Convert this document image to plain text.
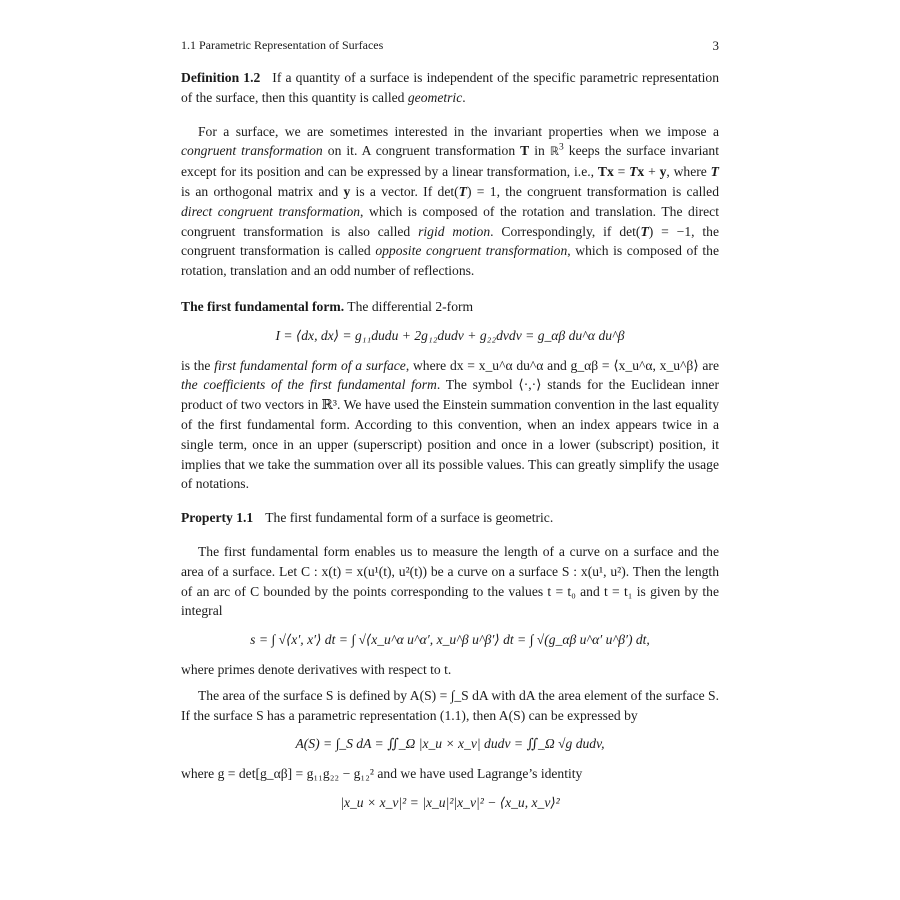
1.1 Parametric Representation of Surfaces	3

Definition 1.2 If a quantity of a surface is independent of the specific parametric representation of the surface, then this quantity is called geometric.

For a surface, we are sometimes interested in the invariant properties when we impose a congruent transformation on it. A congruent transformation T in ℝ$^3$ keeps the surface invariant except for its position and can be expressed by a linear transformation, i.e., Tx = Tx + y, where T is an orthogonal matrix and y is a vector. If det(T) = 1, the congruent transformation is called direct congruent transformation, which is composed of the rotation and translation. The direct congruent transformation is also called rigid motion. Correspondingly, if det(T) = −1, the congruent transformation is called opposite congruent transformation, which is composed of the rotation, translation and an odd number of reflections.

The first fundamental form. The differential 2-form

I = ⟨dx, dx⟩ = g₁₁dudu + 2g₁₂dudv + g₂₂dvdv = g_αβ du^α du^β

is the first fundamental form of a surface, where dx = x_u^α du^α and g_αβ = ⟨x_u^α, x_u^β⟩ are the coefficients of the first fundamental form. The symbol ⟨·,·⟩ stands for the Euclidean inner product of two vectors in ℝ³. We have used the Einstein summation convention in the last equality of the first fundamental form. According to this convention, when an index appears twice in a single term, once in an upper (superscript) position and once in a lower (subscript) position, it implies that we take the summation over all its possible values. This can greatly simplify the usage of notations.

Property 1.1 The first fundamental form of a surface is geometric.

The first fundamental form enables us to measure the length of a curve on a surface and the area of a surface. Let C : x(t) = x(u¹(t), u²(t)) be a curve on a surface S : x(u¹, u²). Then the length of an arc of C bounded by the points corresponding to the values t = t₀ and t = t₁ is given by the integral

s = ∫ √⟨x′, x′⟩ dt = ∫ √⟨x_u^α u^α′, x_u^β u^β′⟩ dt = ∫ √(g_αβ u^α′ u^β′) dt,

where primes denote derivatives with respect to t.

The area of the surface S is defined by A(S) = ∫_S dA with dA the area element of the surface S. If the surface S has a parametric representation (1.1), then A(S) can be expressed by

A(S) = ∫_S dA = ∬_Ω |x_u × x_v| dudv = ∬_Ω √g dudv,

where g = det[g_αβ] = g₁₁g₂₂ − g₁₂² and we have used Lagrange’s identity

|x_u × x_v|² = |x_u|²|x_v|² − ⟨x_u, x_v⟩²
